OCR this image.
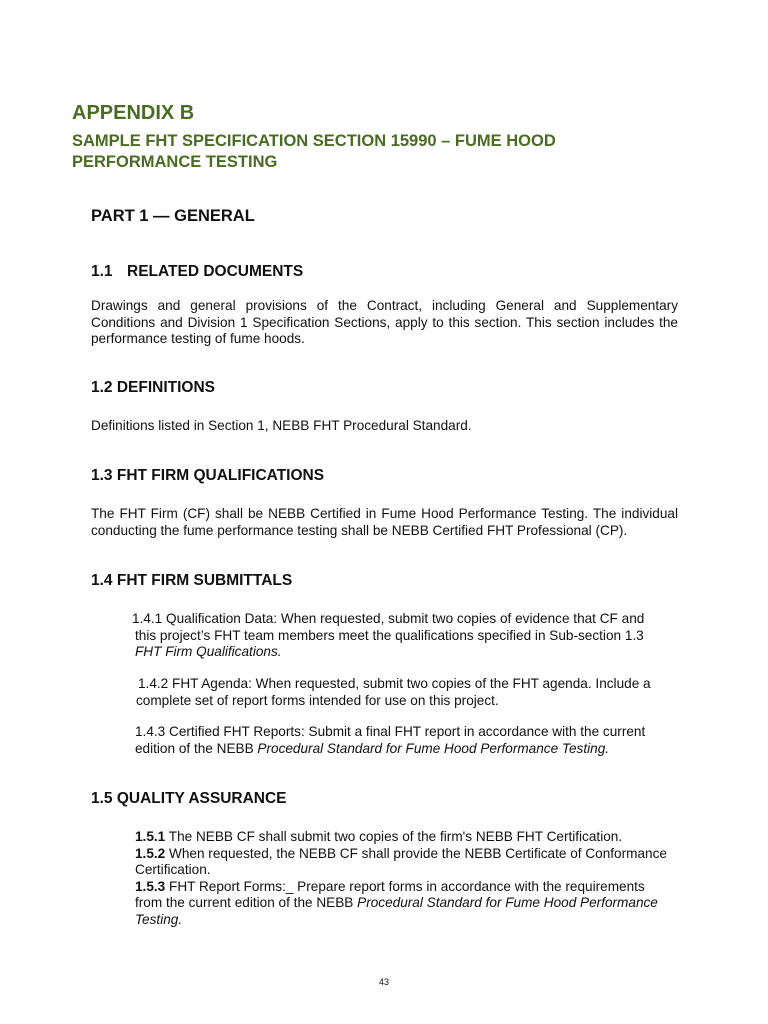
APPENDIX B
SAMPLE FHT SPECIFICATION SECTION 15990 – FUME HOOD
PERFORMANCE TESTING
PART 1 — GENERAL
1.1 RELATED DOCUMENTS

Drawings and general provisions of the Contract, including General and Supplementary
Conditions and Division 1 Specification Sections, apply to this section. This section includes the
performance testing of fume hoods.

1.2 DEFINITIONS

Definitions listed in Section 1, NEBB FHT Procedural Standard.

1.3 FHT FIRM QUALIFICATIONS

The FHT Firm (CF) shall be NEBB Certified in Fume Hood Performance Testing. The individual
conducting the fume performance testing shall be NEBB Certified FHT Professional (CP).

1.4 FHT FIRM SUBMITTALS

1.4.1 Qualification Data: When requested, submit two copies of evidence that CF and
this project’s FHT team members meet the qualifications specified in Sub-section 1.3
FHT Firm Qualifications.

1.4.2 FHT Agenda: When requested, submit two copies of the FHT agenda. Include a
complete set of report forms intended for use on this project.

1.4.3 Certified FHT Reports: Submit a final FHT report in accordance with the current
edition of the NEBB Procedural Standard for Fume Hood Performance Testing.

1.5 QUALITY ASSURANCE

1.5.1 The NEBB CF shall submit two copies of the firm's NEBB FHT Certification.
1.5.2 When requested, the NEBB CF shall provide the NEBB Certificate of Conformance
Certification.
1.5.3 FHT Report Forms:_ Prepare report forms in accordance with the requirements
from the current edition of the NEBB Procedural Standard for Fume Hood Performance
Testing.

43
